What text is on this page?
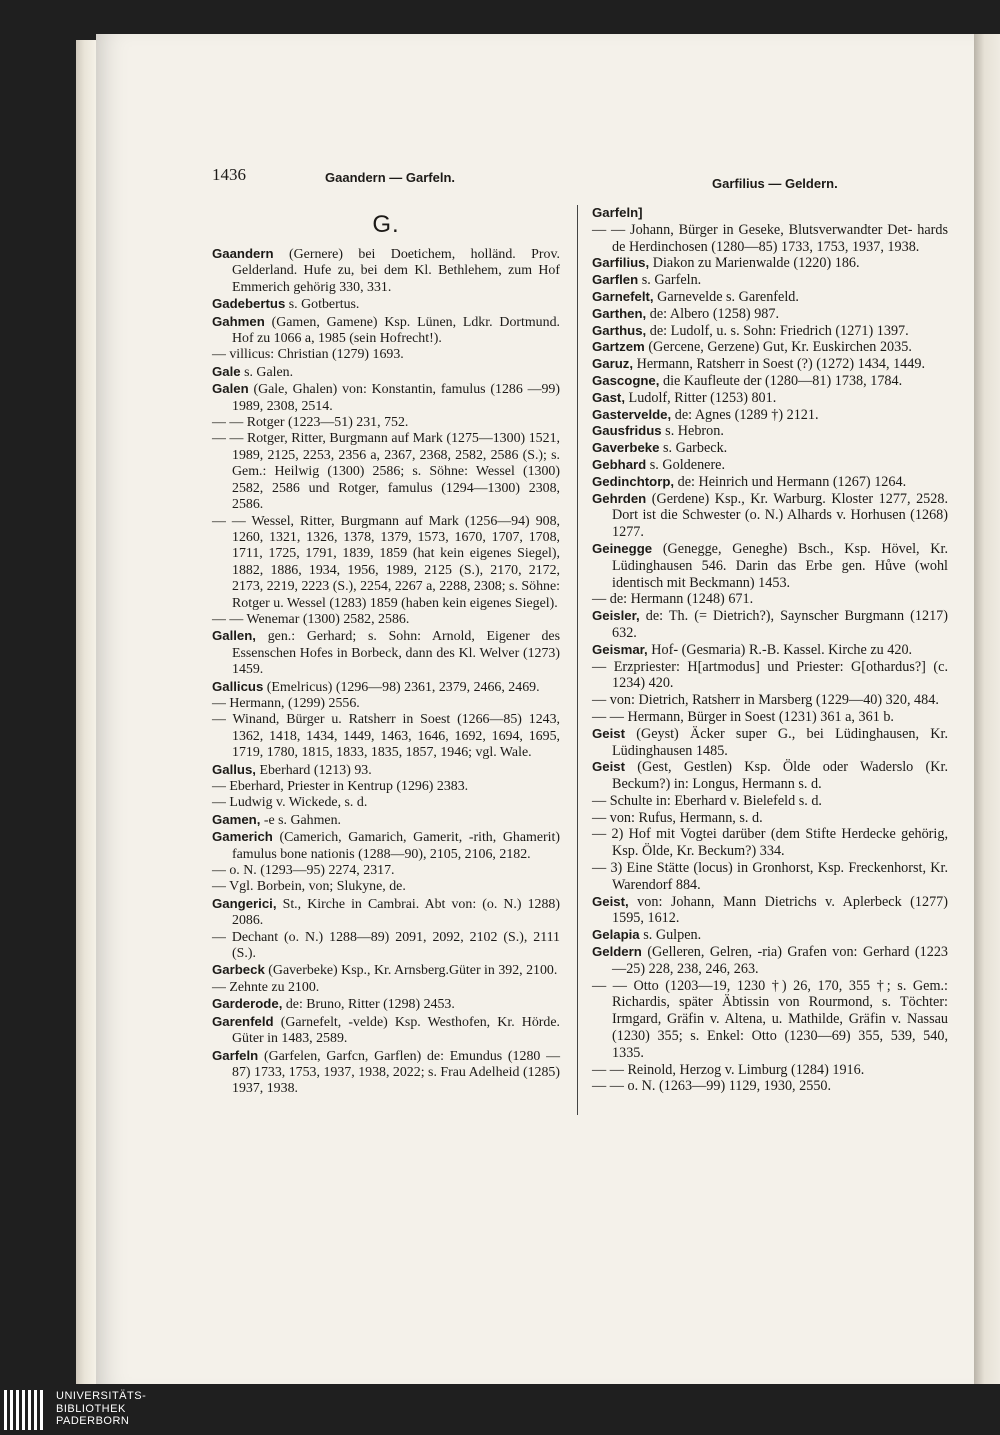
1436	Gaandern — Garfeln.	Garfilius — Geldern.
G.

Gaandern (Gernere) bei Doetichem, holländ. Prov. Gelderland. Hufe zu, bei dem Kl. Bethlehem, zum Hof Emmerich gehörig 330, 331.

Gadebertus s. Gotbertus.

Gahmen (Gamen, Gamene) Ksp. Lünen, Ldkr. Dortmund. Hof zu 1066 a, 1985 (sein Hofrecht!).

— villicus: Christian (1279) 1693.

Gale s. Galen.

Galen (Gale, Ghalen) von: Konstantin, famulus (1286 —99) 1989, 2308, 2514.

— — Rotger (1223—51) 231, 752.

— — Rotger, Ritter, Burgmann auf Mark (1275—1300) 1521, 1989, 2125, 2253, 2356 a, 2367, 2368, 2582, 2586 (S.); s. Gem.: Heilwig (1300) 2586; s. Söhne: Wessel (1300) 2582, 2586 und Rotger, famulus (1294—1300) 2308, 2586.

— — Wessel, Ritter, Burgmann auf Mark (1256—94) 908, 1260, 1321, 1326, 1378, 1379, 1573, 1670, 1707, 1708, 1711, 1725, 1791, 1839, 1859 (hat kein eigenes Siegel), 1882, 1886, 1934, 1956, 1989, 2125 (S.), 2170, 2172, 2173, 2219, 2223 (S.), 2254, 2267 a, 2288, 2308; s. Söhne: Rotger u. Wessel (1283) 1859 (haben kein eigenes Siegel).

— — Wenemar (1300) 2582, 2586.

Gallen, gen.: Gerhard; s. Sohn: Arnold, Eigener des Essenschen Hofes in Borbeck, dann des Kl. Welver (1273) 1459.

Gallicus (Emelricus) (1296—98) 2361, 2379, 2466, 2469.

— Hermann, (1299) 2556.

— Winand, Bürger u. Ratsherr in Soest (1266—85) 1243, 1362, 1418, 1434, 1449, 1463, 1646, 1692, 1694, 1695, 1719, 1780, 1815, 1833, 1835, 1857, 1946; vgl. Wale.

Gallus, Eberhard (1213) 93.

— Eberhard, Priester in Kentrup (1296) 2383.

— Ludwig v. Wickede, s. d.

Gamen, -e s. Gahmen.

Gamerich (Camerich, Gamarich, Gamerit, -rith, Ghamerit) famulus bone nationis (1288—90), 2105, 2106, 2182.

— o. N. (1293—95) 2274, 2317.

— Vgl. Borbein, von; Slukyne, de.

Gangerici, St., Kirche in Cambrai. Abt von: (o. N.) 1288) 2086.

— Dechant (o. N.) 1288—89) 2091, 2092, 2102 (S.), 2111 (S.).

Garbeck (Gaverbeke) Ksp., Kr. Arnsberg.Güter in 392, 2100.

— Zehnte zu 2100.

Garderode, de: Bruno, Ritter (1298) 2453.

Garenfeld (Garnefelt, -velde) Ksp. Westhofen, Kr. Hörde. Güter in 1483, 2589.

Garfeln (Garfelen, Garfcn, Garflen) de: Emundus (1280 —87) 1733, 1753, 1937, 1938, 2022; s. Frau Adelheid (1285) 1937, 1938.

Garfeln]

— — Johann, Bürger in Geseke, Blutsverwandter Det- hards de Herdinchosen (1280—85) 1733, 1753, 1937, 1938.

Garfilius, Diakon zu Marienwalde (1220) 186.

Garflen s. Garfeln.

Garnefelt, Garnevelde s. Garenfeld.

Garthen, de: Albero (1258) 987.

Garthus, de: Ludolf, u. s. Sohn: Friedrich (1271) 1397.

Gartzem (Gercene, Gerzene) Gut, Kr. Euskirchen 2035.

Garuz, Hermann, Ratsherr in Soest (?) (1272) 1434, 1449.

Gascogne, die Kaufleute der (1280—81) 1738, 1784.

Gast, Ludolf, Ritter (1253) 801.

Gastervelde, de: Agnes (1289 †) 2121.

Gausfridus s. Hebron.

Gaverbeke s. Garbeck.

Gebhard s. Goldenere.

Gedinchtorp, de: Heinrich und Hermann (1267) 1264.

Gehrden (Gerdene) Ksp., Kr. Warburg. Kloster 1277, 2528. Dort ist die Schwester (o. N.) Alhards v. Horhusen (1268) 1277.

Geinegge (Genegge, Geneghe) Bsch., Ksp. Hövel, Kr. Lüdinghausen 546. Darin das Erbe gen. Hůve (wohl identisch mit Beckmann) 1453.

— de: Hermann (1248) 671.

Geisler, de: Th. (= Dietrich?), Saynscher Burgmann (1217) 632.

Geismar, Hof- (Gesmaria) R.-B. Kassel. Kirche zu 420.

— Erzpriester: H[artmodus] und Priester: G[othardus?] (c. 1234) 420.

— von: Dietrich, Ratsherr in Marsberg (1229—40) 320, 484.

— — Hermann, Bürger in Soest (1231) 361 a, 361 b.

Geist (Geyst) Äcker super G., bei Lüdinghausen, Kr. Lüdinghausen 1485.

Geist (Gest, Gestlen) Ksp. Ölde oder Waderslo (Kr. Beckum?) in: Longus, Hermann s. d.

— Schulte in: Eberhard v. Bielefeld s. d.

— von: Rufus, Hermann, s. d.

— 2) Hof mit Vogtei darüber (dem Stifte Herdecke gehörig, Ksp. Ölde, Kr. Beckum?) 334.

— 3) Eine Stätte (locus) in Gronhorst, Ksp. Freckenhorst, Kr. Warendorf 884.

Geist, von: Johann, Mann Dietrichs v. Aplerbeck (1277) 1595, 1612.

Gelapia s. Gulpen.

Geldern (Gelleren, Gelren, -ria) Grafen von: Gerhard (1223—25) 228, 238, 246, 263.

— — Otto (1203—19, 1230 †) 26, 170, 355 †; s. Gem.: Richardis, später Äbtissin von Rourmond, s. Töchter: Irmgard, Gräfin v. Altena, u. Mathilde, Gräfin v. Nassau (1230) 355; s. Enkel: Otto (1230—69) 355, 539, 540, 1335.

— — Reinold, Herzog v. Limburg (1284) 1916.

— — o. N. (1263—99) 1129, 1930, 2550.

UNIVERSITÄTS-
BIBLIOTHEK
PADERBORN
